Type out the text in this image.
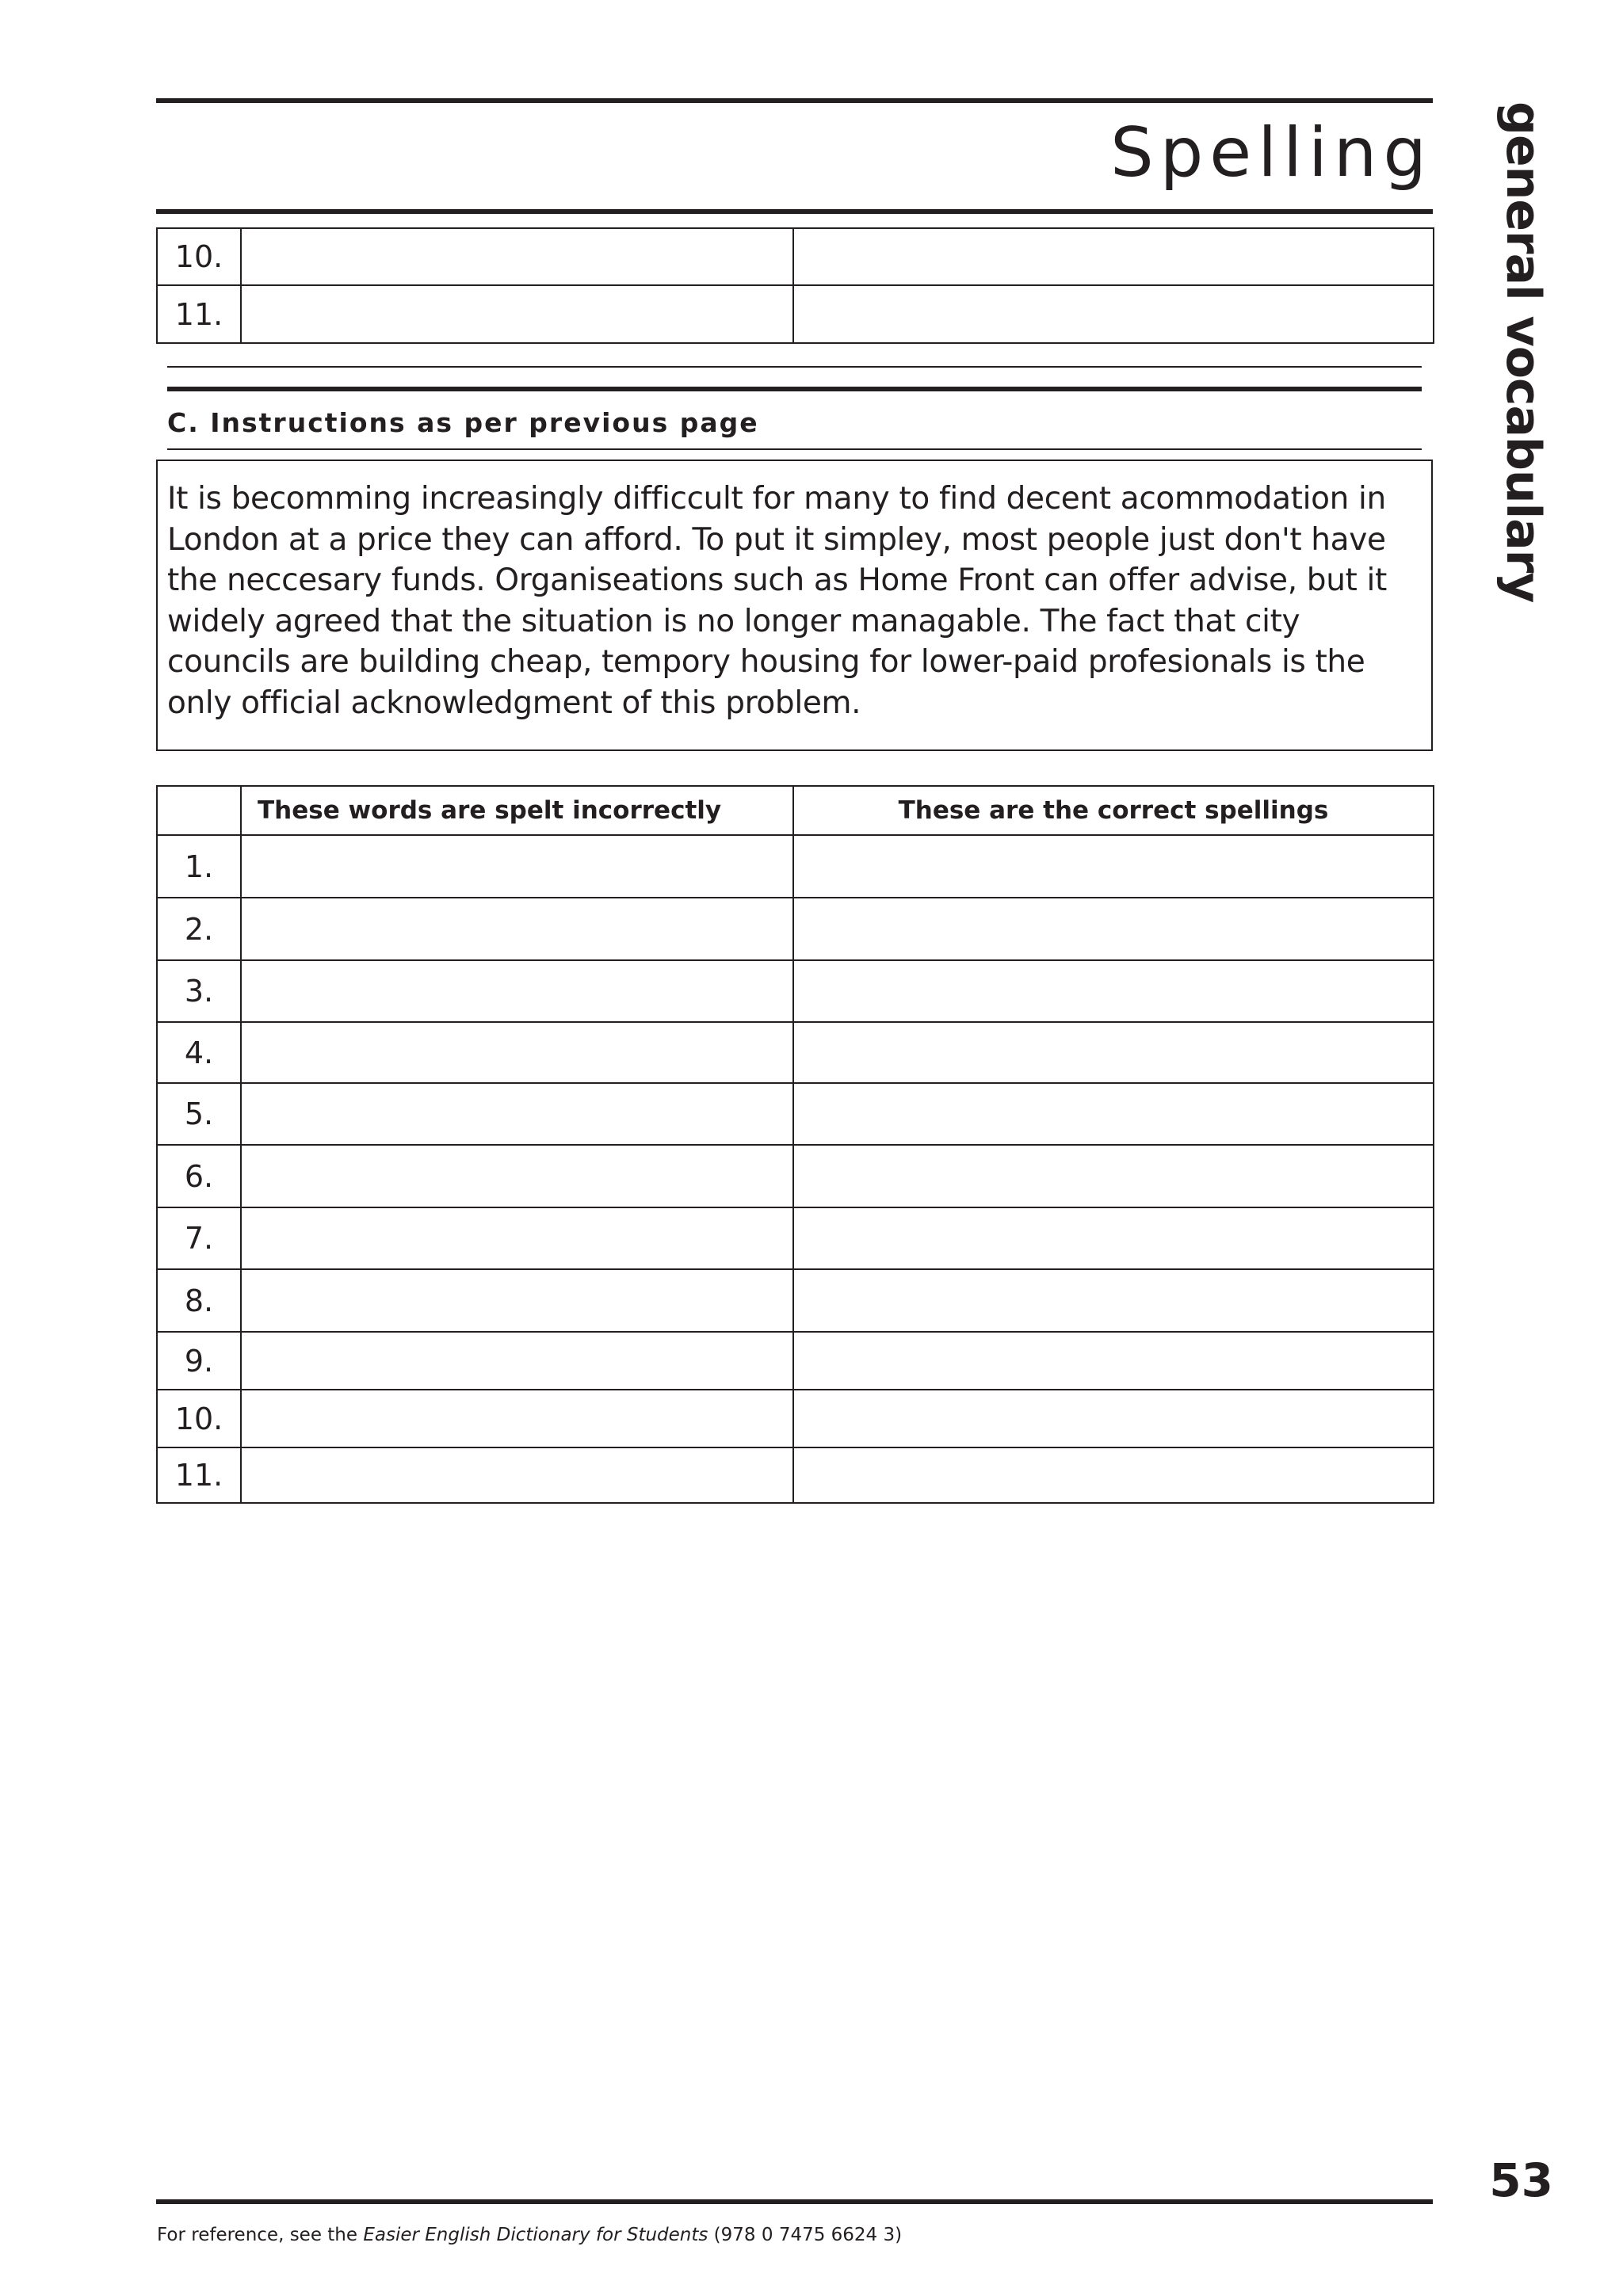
Spelling general vocabulary
10.		
11.		
C. Instructions as per previous page

It is becomming increasingly difficcult for many to find decent acommodation in London at a price they can afford. To put it simpley, most people just don't have the neccesary funds. Organiseations such as Home Front can offer advise, but it widely agreed that the situation is no longer managable. The fact that city councils are building cheap, tempory housing for lower-paid profesionals is the only official acknowledgment of this problem.

	These words are spelt incorrectly	These are the correct spellings
1.		
2.		
3.		
4.		
5.		
6.		
7.		
8.		
9.		
10.		
11.		
53
For reference, see the Easier English Dictionary for Students (978 0 7475 6624 3)
